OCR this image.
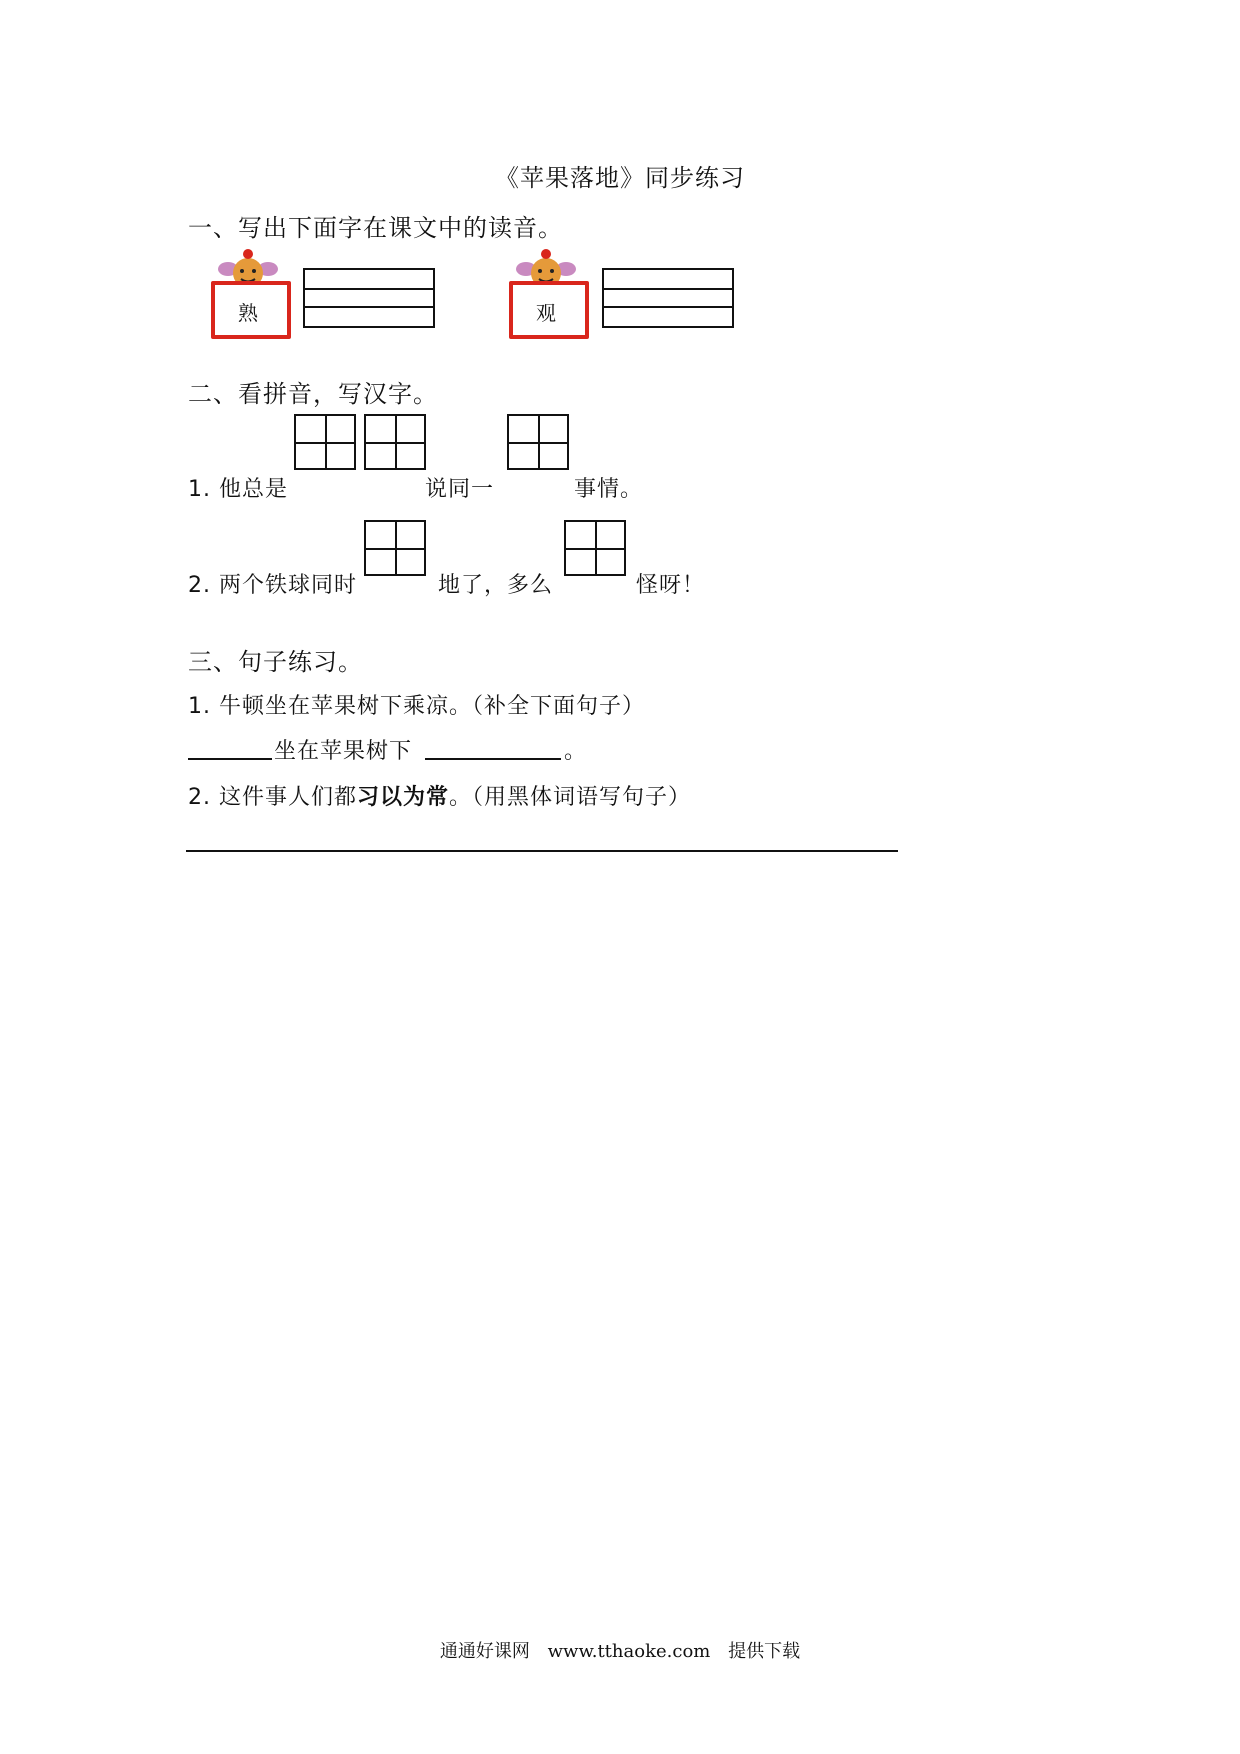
《苹果落地》同步练习
一、写出下面字在课文中的读音。
熟	观
二、看拼音，写汉字。
1. 他总是	说同一	事情。
2. 两个铁球同时	地了，多么	怪呀！
三、句子练习。
1. 牛顿坐在苹果树下乘凉。（补全下面句子）
坐在苹果树下	。
2. 这件事人们都习以为常。（用黑体词语写句子）
通通好课网 www.tthaoke.com 提供下载
